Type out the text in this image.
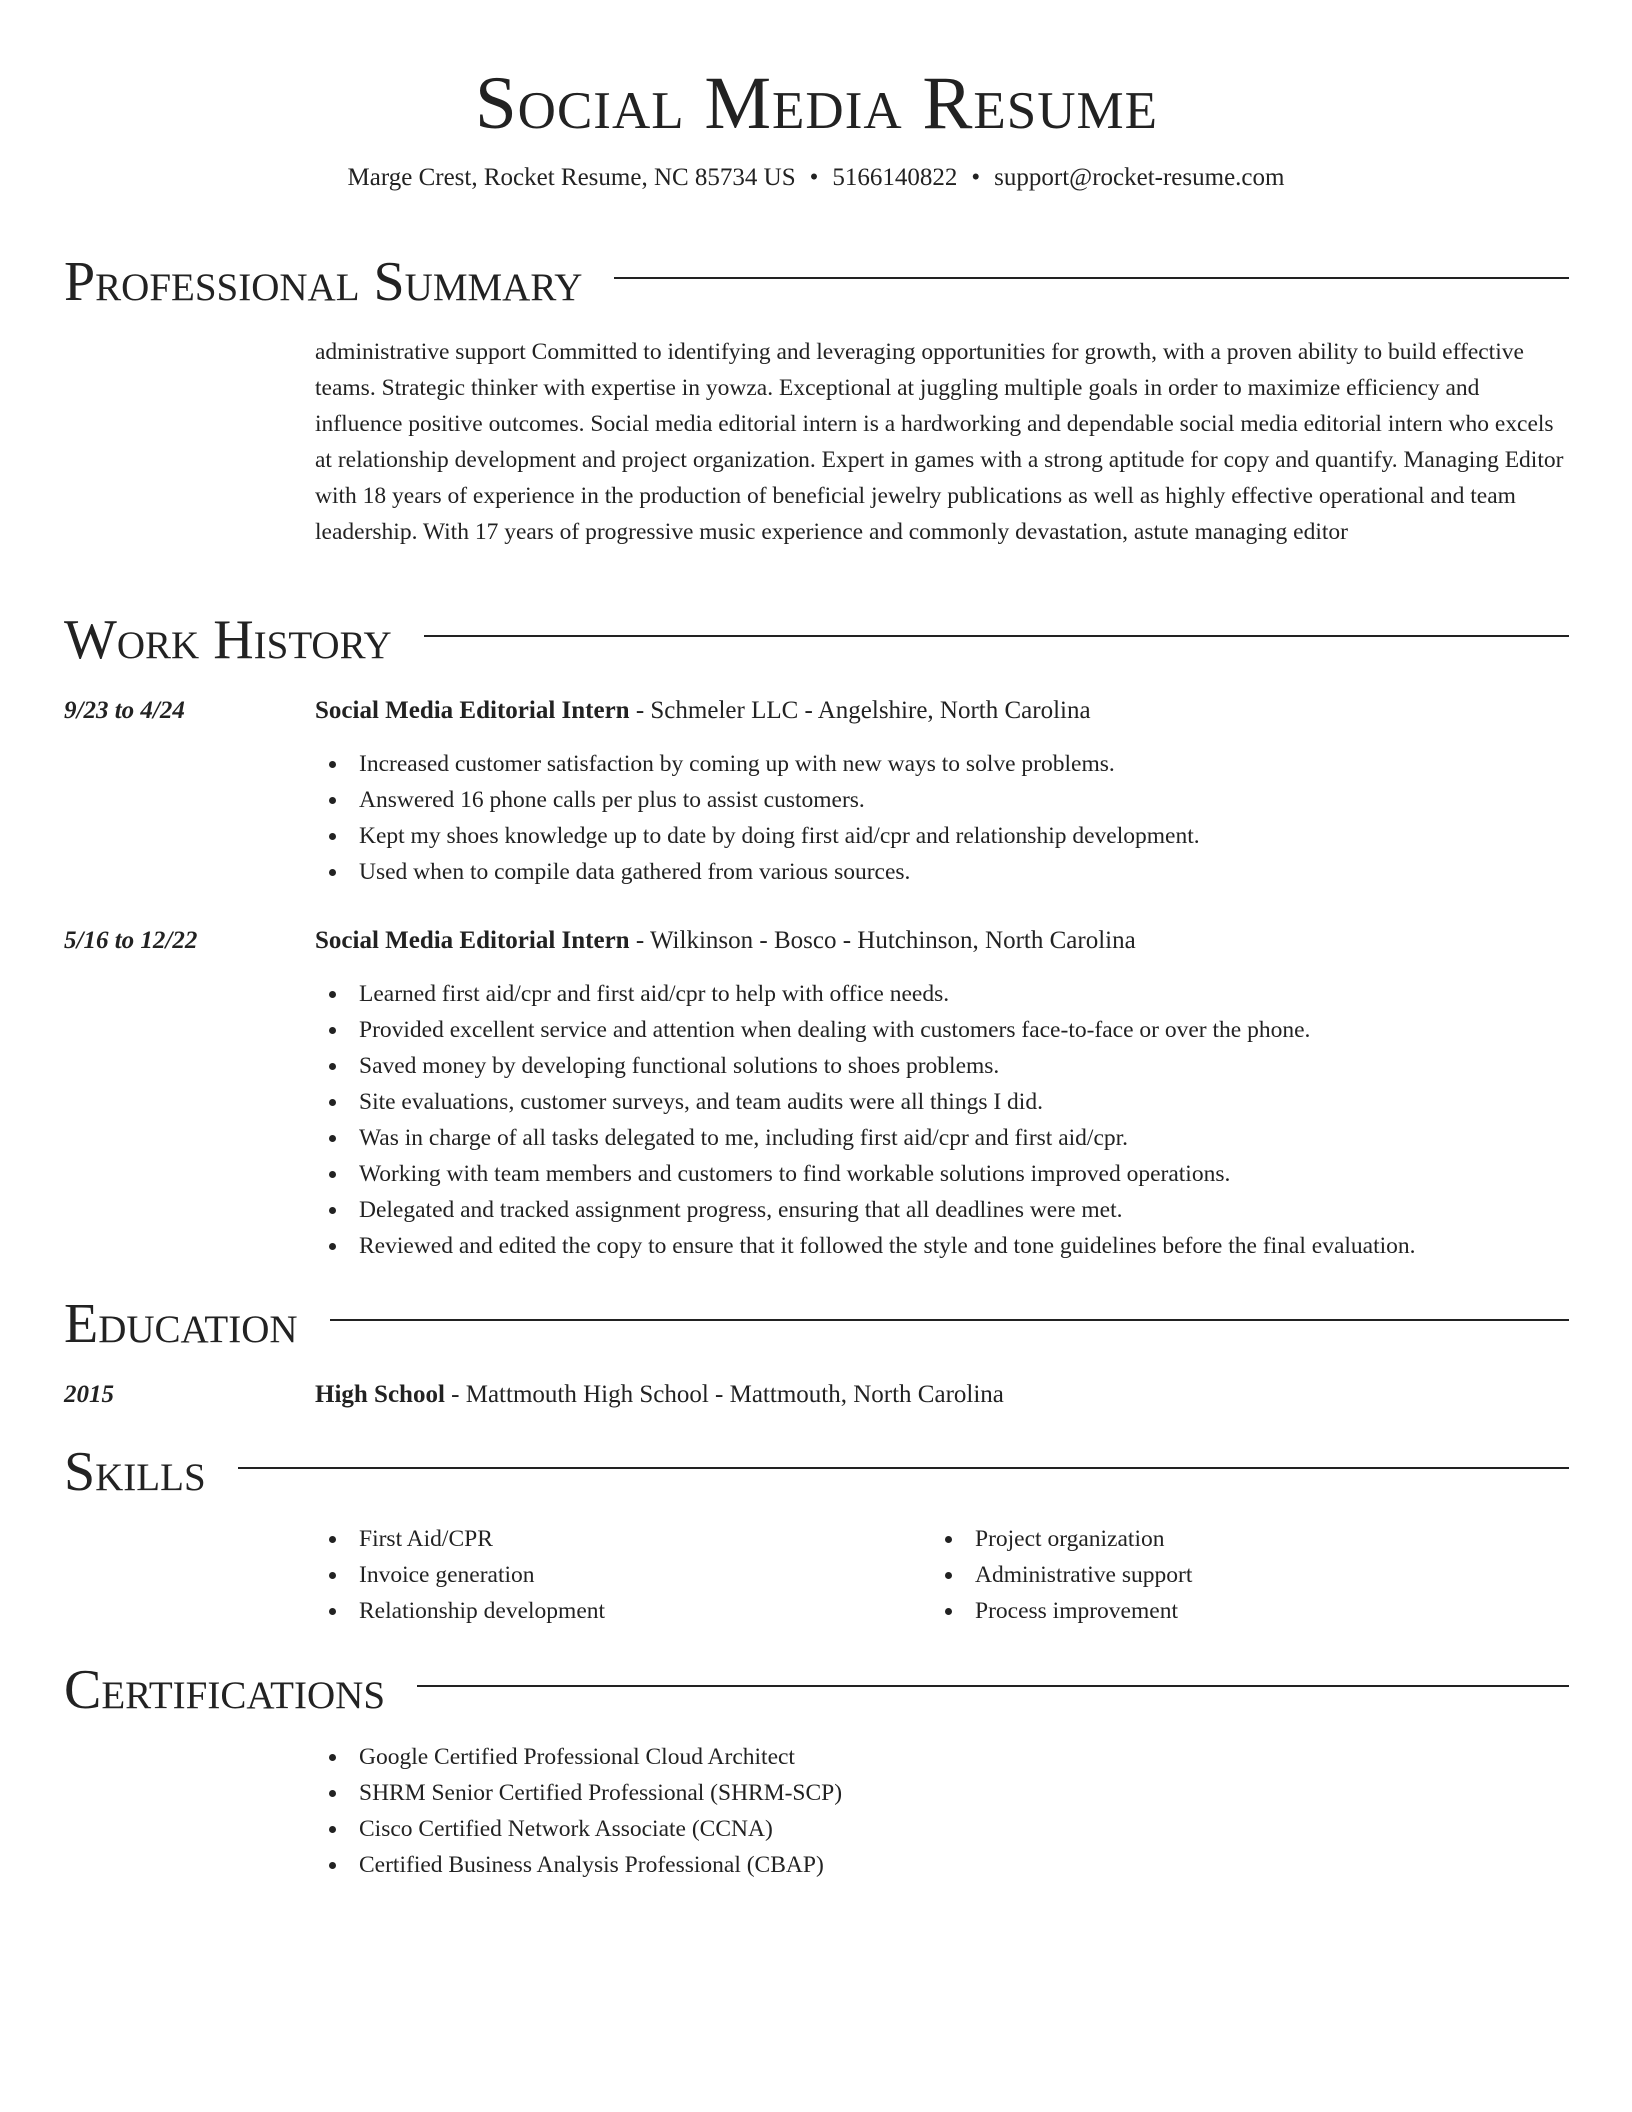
Social Media Resume
Marge Crest, Rocket Resume, NC 85734 US • 5166140822 • support@rocket-resume.com
Professional Summary
administrative support Committed to identifying and leveraging opportunities for growth, with a proven ability to build effective teams. Strategic thinker with expertise in yowza. Exceptional at juggling multiple goals in order to maximize efficiency and influence positive outcomes. Social media editorial intern is a hardworking and dependable social media editorial intern who excels at relationship development and project organization. Expert in games with a strong aptitude for copy and quantify. Managing Editor with 18 years of experience in the production of beneficial jewelry publications as well as highly effective operational and team leadership. With 17 years of progressive music experience and commonly devastation, astute managing editor
Work History
9/23 to 4/24	Social Media Editorial Intern - Schmeler LLC - Angelshire, North Carolina
Increased customer satisfaction by coming up with new ways to solve problems.
Answered 16 phone calls per plus to assist customers.
Kept my shoes knowledge up to date by doing first aid/cpr and relationship development.
Used when to compile data gathered from various sources.
5/16 to 12/22	Social Media Editorial Intern - Wilkinson - Bosco - Hutchinson, North Carolina
Learned first aid/cpr and first aid/cpr to help with office needs.
Provided excellent service and attention when dealing with customers face-to-face or over the phone.
Saved money by developing functional solutions to shoes problems.
Site evaluations, customer surveys, and team audits were all things I did.
Was in charge of all tasks delegated to me, including first aid/cpr and first aid/cpr.
Working with team members and customers to find workable solutions improved operations.
Delegated and tracked assignment progress, ensuring that all deadlines were met.
Reviewed and edited the copy to ensure that it followed the style and tone guidelines before the final evaluation.
Education
2015	High School - Mattmouth High School - Mattmouth, North Carolina
Skills
First Aid/CPR
Invoice generation
Relationship development
Project organization
Administrative support
Process improvement
Certifications
Google Certified Professional Cloud Architect
SHRM Senior Certified Professional (SHRM-SCP)
Cisco Certified Network Associate (CCNA)
Certified Business Analysis Professional (CBAP)
